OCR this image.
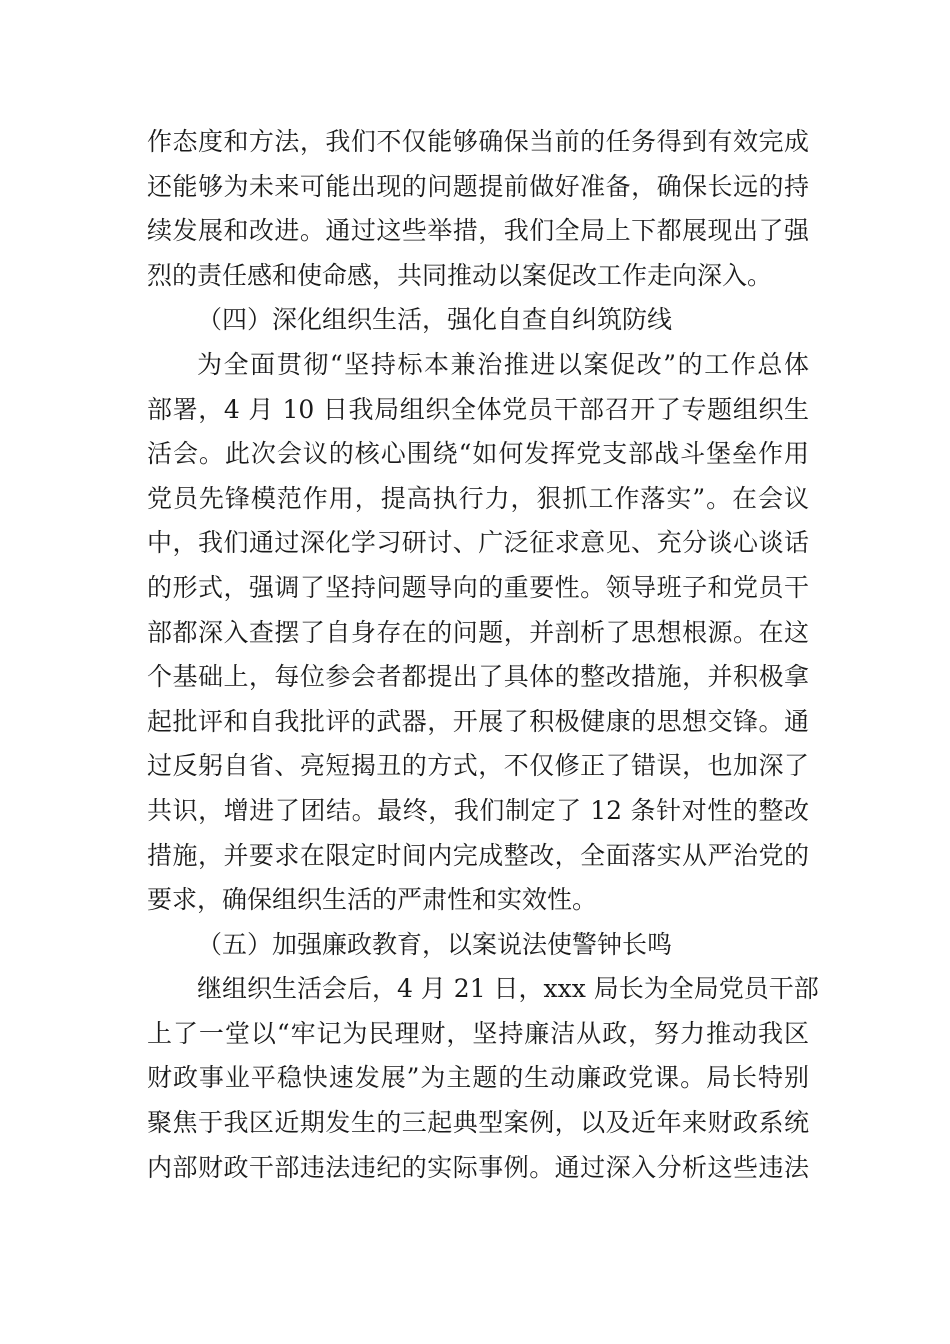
作态度和方法，我们不仅能够确保当前的任务得到有效完成
还能够为未来可能出现的问题提前做好准备，确保长远的持
续发展和改进。通过这些举措，我们全局上下都展现出了强
烈的责任感和使命感，共同推动以案促改工作走向深入。
（四）深化组织生活，强化自查自纠筑防线
为全面贯彻“坚持标本兼治推进以案促改”的工作总体
部署，4 月 10 日我局组织全体党员干部召开了专题组织生
活会。此次会议的核心围绕“如何发挥党支部战斗堡垒作用
党员先锋模范作用，提高执行力，狠抓工作落实”。在会议
中，我们通过深化学习研讨、广泛征求意见、充分谈心谈话
的形式，强调了坚持问题导向的重要性。领导班子和党员干
部都深入查摆了自身存在的问题，并剖析了思想根源。在这
个基础上，每位参会者都提出了具体的整改措施，并积极拿
起批评和自我批评的武器，开展了积极健康的思想交锋。通
过反躬自省、亮短揭丑的方式，不仅修正了错误，也加深了
共识，增进了团结。最终，我们制定了 12 条针对性的整改
措施，并要求在限定时间内完成整改，全面落实从严治党的
要求，确保组织生活的严肃性和实效性。
（五）加强廉政教育，以案说法使警钟长鸣
继组织生活会后，4 月 21 日，xxx 局长为全局党员干部
上了一堂以“牢记为民理财，坚持廉洁从政，努力推动我区
财政事业平稳快速发展”为主题的生动廉政党课。局长特别
聚焦于我区近期发生的三起典型案例，以及近年来财政系统
内部财政干部违法违纪的实际事例。通过深入分析这些违法
